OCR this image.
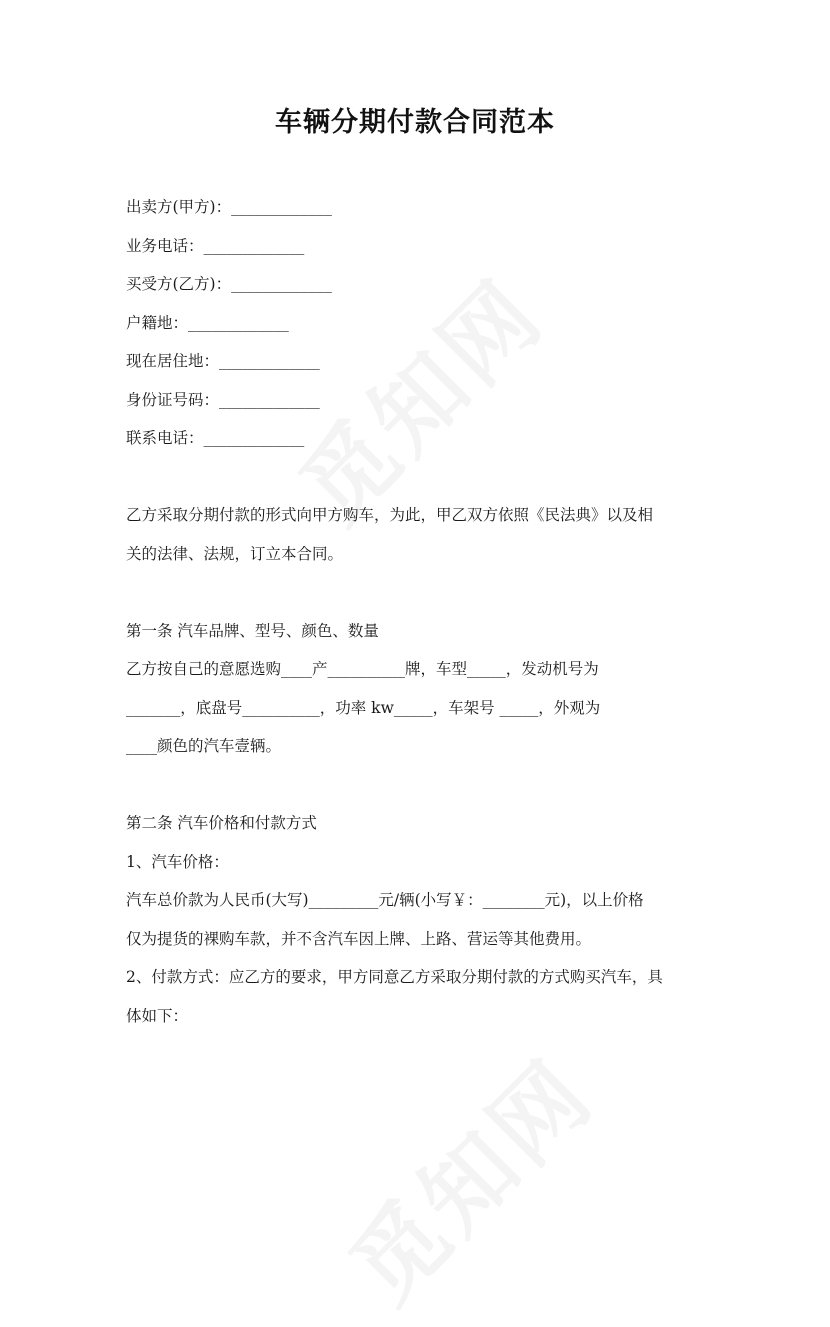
车辆分期付款合同范本

出卖方(甲方)：_____________

业务电话：_____________

买受方(乙方)：_____________

户籍地：_____________

现在居住地：_____________

身份证号码：_____________

联系电话：_____________

乙方采取分期付款的形式向甲方购车，为此，甲乙双方依照《民法典》以及相

关的法律、法规，订立本合同。

第一条 汽车品牌、型号、颜色、数量

乙方按自己的意愿选购____产__________牌，车型_____，发动机号为

_______，底盘号__________，功率 kw_____，车架号 _____，外观为

____颜色的汽车壹辆。

第二条 汽车价格和付款方式

1、汽车价格：

汽车总价款为人民币(大写)_________元/辆(小写￥：________元)，以上价格

仅为提货的裸购车款，并不含汽车因上牌、上路、营运等其他费用。

2、付款方式：应乙方的要求，甲方同意乙方采取分期付款的方式购买汽车，具

体如下：
